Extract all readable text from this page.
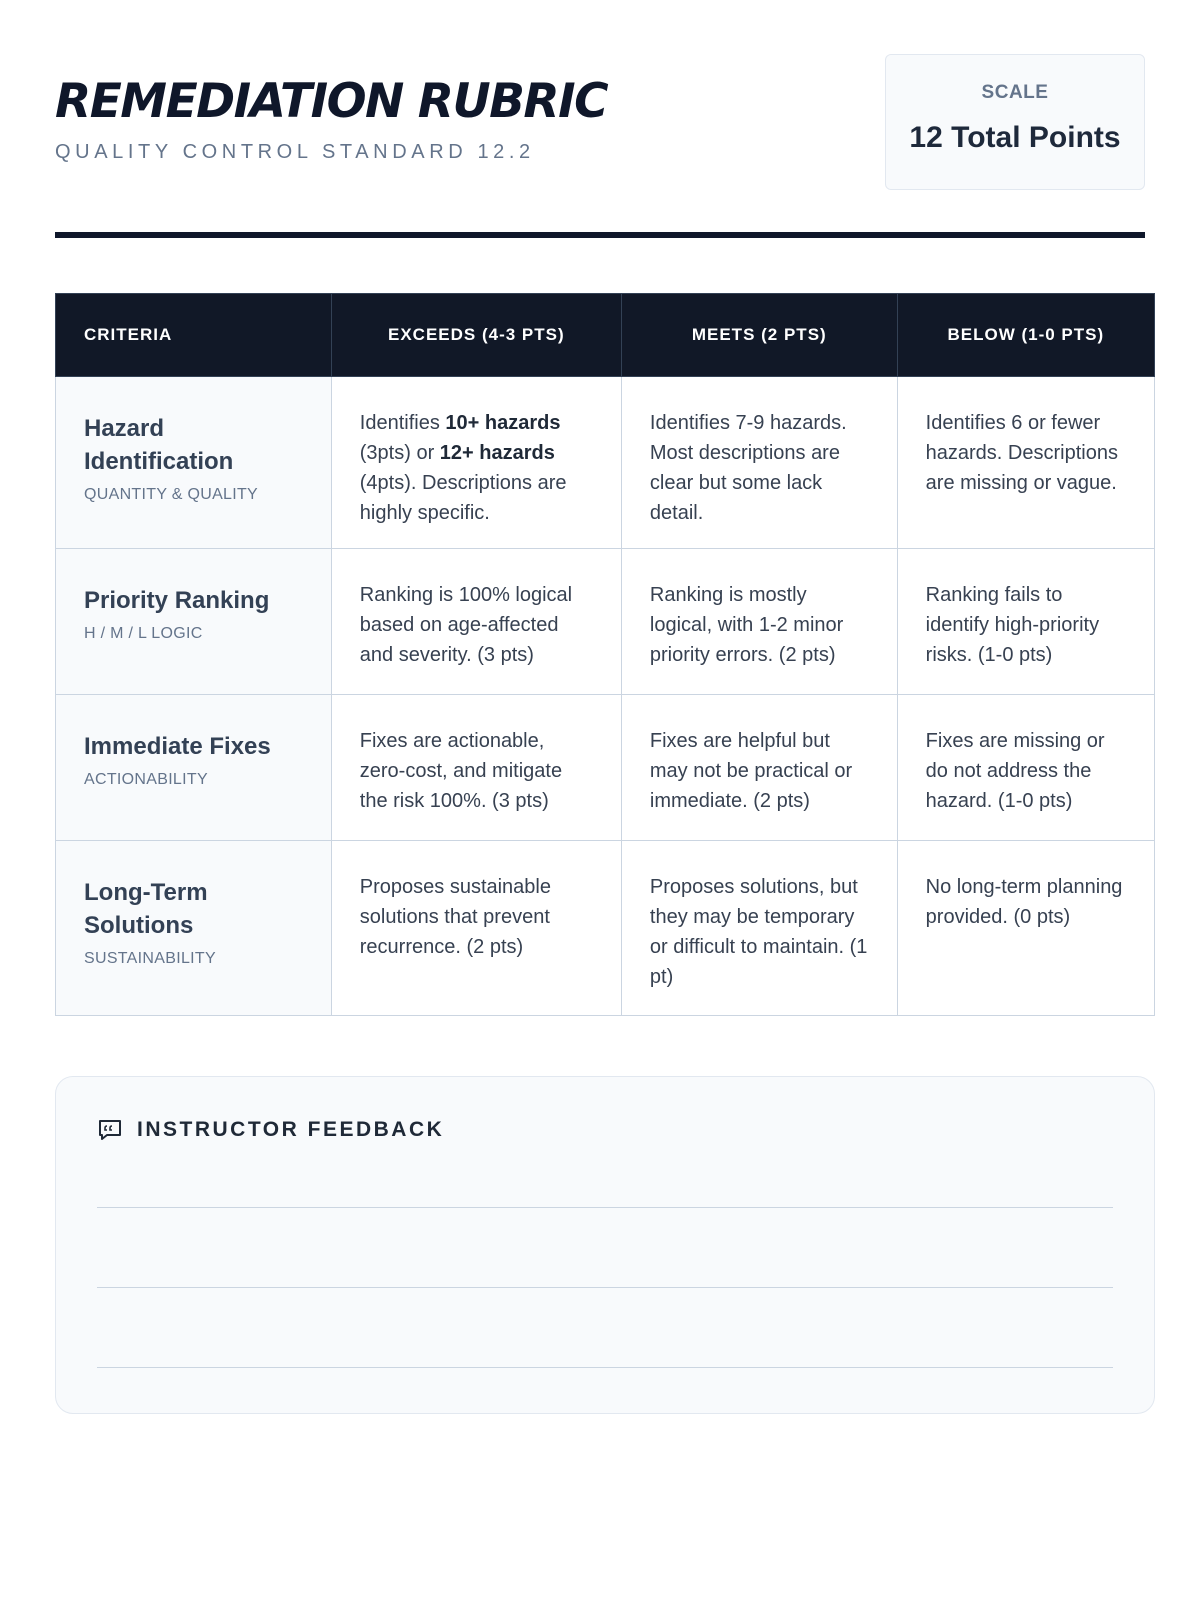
REMEDIATION RUBRIC
QUALITY CONTROL STANDARD 12.2
SCALE
12 Total Points
CRITERIA	EXCEEDS (4-3 PTS)	MEETS (2 PTS)	BELOW (1-0 PTS)

Hazard Identification
QUANTITY & QUALITY	Identifies 10+ hazards (3pts) or 12+ hazards (4pts). Descriptions are highly specific.	Identifies 7-9 hazards. Most descriptions are clear but some lack detail.	Identifies 6 or fewer hazards. Descriptions are missing or vague.

Priority Ranking
H / M / L LOGIC	Ranking is 100% logical based on age-affected and severity. (3 pts)	Ranking is mostly logical, with 1-2 minor priority errors. (2 pts)	Ranking fails to identify high-priority risks. (1-0 pts)

Immediate Fixes
ACTIONABILITY	Fixes are actionable, zero-cost, and mitigate the risk 100%. (3 pts)	Fixes are helpful but may not be practical or immediate. (2 pts)	Fixes are missing or do not address the hazard. (1-0 pts)

Long-Term Solutions
SUSTAINABILITY	Proposes sustainable solutions that prevent recurrence. (2 pts)	Proposes solutions, but they may be temporary or difficult to maintain. (1 pt)	No long-term planning provided. (0 pts)
INSTRUCTOR FEEDBACK
